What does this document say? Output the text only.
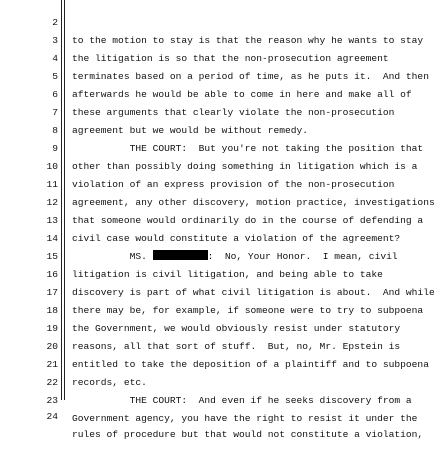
2

to the motion to stay is that the reason why he wants to stay

3

the litigation is so that the non-prosecution agreement

4

terminates based on a period of time, as he puts it.  And then

5

afterwards he would be able to come in here and make all of

6

these arguments that clearly violate the non-prosecution

7

agreement but we would be without remedy.

8

THE COURT:  But you're not taking the position that

9

other than possibly doing something in litigation which is a

10

violation of an express provision of the non-prosecution

11

agreement, any other discovery, motion practice, investigations

12

that someone would ordinarily do in the course of defending a

13

civil case would constitute a violation of the agreement?

14

MS.	:  No, Your Honor.  I mean, civil

15

litigation is civil litigation, and being able to take

16

discovery is part of what civil litigation is about.  And while

17

there may be, for example, if someone were to try to subpoena

18

the Government, we would obviously resist under statutory

19

reasons, all that sort of stuff.  But, no, Mr. Epstein is

20

entitled to take the deposition of a plaintiff and to subpoena

21

records, etc.

22

THE COURT:  And even if he seeks discovery from a

23

Government agency, you have the right to resist it under the

24

rules of procedure but that would not constitute a violation,
